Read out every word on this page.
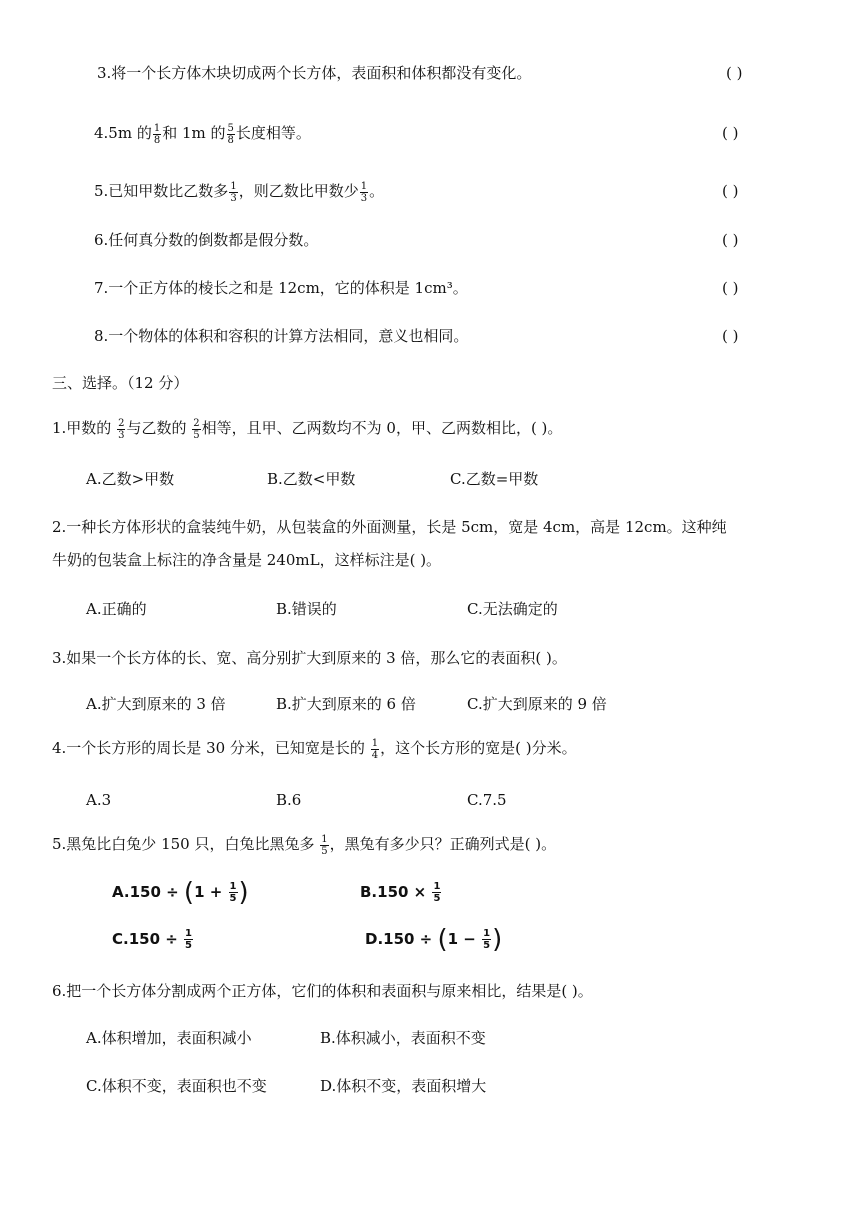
3.将一个长方体木块切成两个长方体，表面积和体积都没有变化。	( )
4.5m 的 $\frac{1}{8}$ 和 1m 的 $\frac{5}{8}$ 长度相等。	( )
5.已知甲数比乙数多 $\frac{1}{3}$ ，则乙数比甲数少 $\frac{1}{3}$ 。	( )
6.任何真分数的倒数都是假分数。	( )
7.一个正方体的棱长之和是 12cm，它的体积是 1cm³。	( )
8.一个物体的体积和容积的计算方法相同，意义也相同。	( )
三、选择。（12 分）
1.甲数的 $\frac{2}{3}$ 与乙数的 $\frac{2}{5}$ 相等，且甲、乙两数均不为 0，甲、乙两数相比，( )。
A.乙数>甲数	B.乙数<甲数	C.乙数=甲数
2.一种长方体形状的盒装纯牛奶，从包装盒的外面测量，长是 5cm，宽是 4cm，高是 12cm。这种纯
牛奶的包装盒上标注的净含量是 240mL，这样标注是( )。
A.正确的	B.错误的	C.无法确定的
3.如果一个长方体的长、宽、高分别扩大到原来的 3 倍，那么它的表面积( )。
A.扩大到原来的 3 倍	B.扩大到原来的 6 倍	C.扩大到原来的 9 倍
4.一个长方形的周长是 30 分米，已知宽是长的 $\frac{1}{4}$ ，这个长方形的宽是( )分米。
A.3	B.6	C.7.5
5.黑兔比白兔少 150 只，白兔比黑兔多 $\frac{1}{5}$ ，黑兔有多少只？正确列式是( )。
$A.150 \div (1 + \frac{1}{5}$ )	$B.150 \times \frac{1}{5}$
$C.150 \div \frac{1}{5}$	$D.150 \div (1 - \frac{1}{5}$ )
6.把一个长方体分割成两个正方体，它们的体积和表面积与原来相比，结果是( )。
A.体积增加，表面积减小	B.体积减小，表面积不变
C.体积不变，表面积也不变	D.体积不变，表面积增大
